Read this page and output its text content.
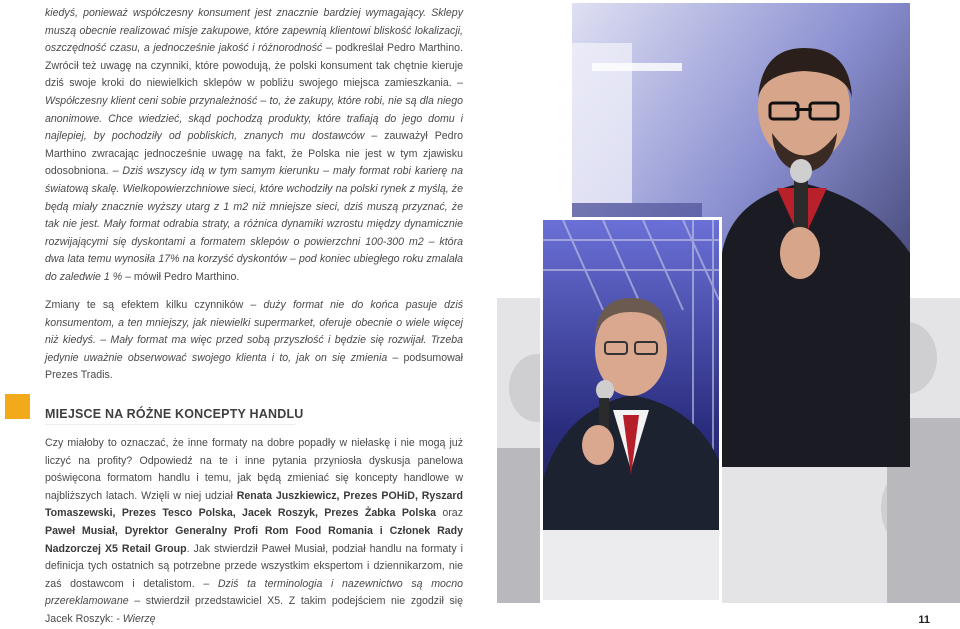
kiedyś, ponieważ współczesny konsument jest znacznie bardziej wymagający. Sklepy muszą obecnie realizować misje zakupowe, które zapewnią klientowi bliskość lokalizacji, oszczędność czasu, a jednocześnie jakość i różnorodność – podkreślał Pedro Marthino. Zwrócił też uwagę na czynniki, które powodują, że polski konsument tak chętnie kieruje dziś swoje kroki do niewielkich sklepów w pobliżu swojego miejsca zamieszkania. – Współczesny klient ceni sobie przynależność – to, że zakupy, które robi, nie są dla niego anonimowe. Chce wiedzieć, skąd pochodzą produkty, które trafiają do jego domu i najlepiej, by pochodziły od pobliskich, znanych mu dostawców – zauważył Pedro Marthino zwracając jednocześnie uwagę na fakt, że Polska nie jest w tym zjawisku odosobniona. – Dziś wszyscy idą w tym samym kierunku – mały format robi karierę na światową skalę. Wielkopowierzchniowe sieci, które wchodziły na polski rynek z myślą, że będą miały znacznie wyższy utarg z 1 m2 niż mniejsze sieci, dziś muszą przyznać, że tak nie jest. Mały format odrabia straty, a różnica dynamiki wzrostu między dynamicznie rozwijającymi się dyskontami a formatem sklepów o powierzchni 100-300 m2 – która dwa lata temu wynosiła 17% na korzyść dyskontów – pod koniec ubiegłego roku zmalała do zaledwie 1 % – mówił Pedro Marthino.

Zmiany te są efektem kilku czynników – duży format nie do końca pasuje dziś konsumentom, a ten mniejszy, jak niewielki supermarket, oferuje obecnie o wiele więcej niż kiedyś. – Mały format ma więc przed sobą przyszłość i będzie się rozwijał. Trzeba jedynie uważnie obserwować swojego klienta i to, jak on się zmienia – podsumował Prezes Tradis.

MIEJSCE NA RÓŻNE KONCEPTY HANDLU

Czy miałoby to oznaczać, że inne formaty na dobre popadły w niełaskę i nie mogą już liczyć na profity? Odpowiedź na te i inne pytania przyniosła dyskusja panelowa poświęcona formatom handlu i temu, jak będą zmieniać się koncepty handlowe w najbliższych latach. Wzięli w niej udział Renata Juszkiewicz, Prezes POHiD, Ryszard Tomaszewski, Prezes Tesco Polska, Jacek Roszyk, Prezes Żabka Polska oraz Paweł Musiał, Dyrektor Generalny Profi Rom Food Romania i Członek Rady Nadzorczej X5 Retail Group. Jak stwierdził Paweł Musiał, podział handlu na formaty i definicja tych ostatnich są potrzebne przede wszystkim ekspertom i dziennikarzom, nie zaś dostawcom i detalistom. – Dziś ta terminologia i nazewnictwo są mocno przereklamowane – stwierdził przedstawiciel X5. Z takim podejściem nie zgodził się Jacek Roszyk: - Wierzę	11
